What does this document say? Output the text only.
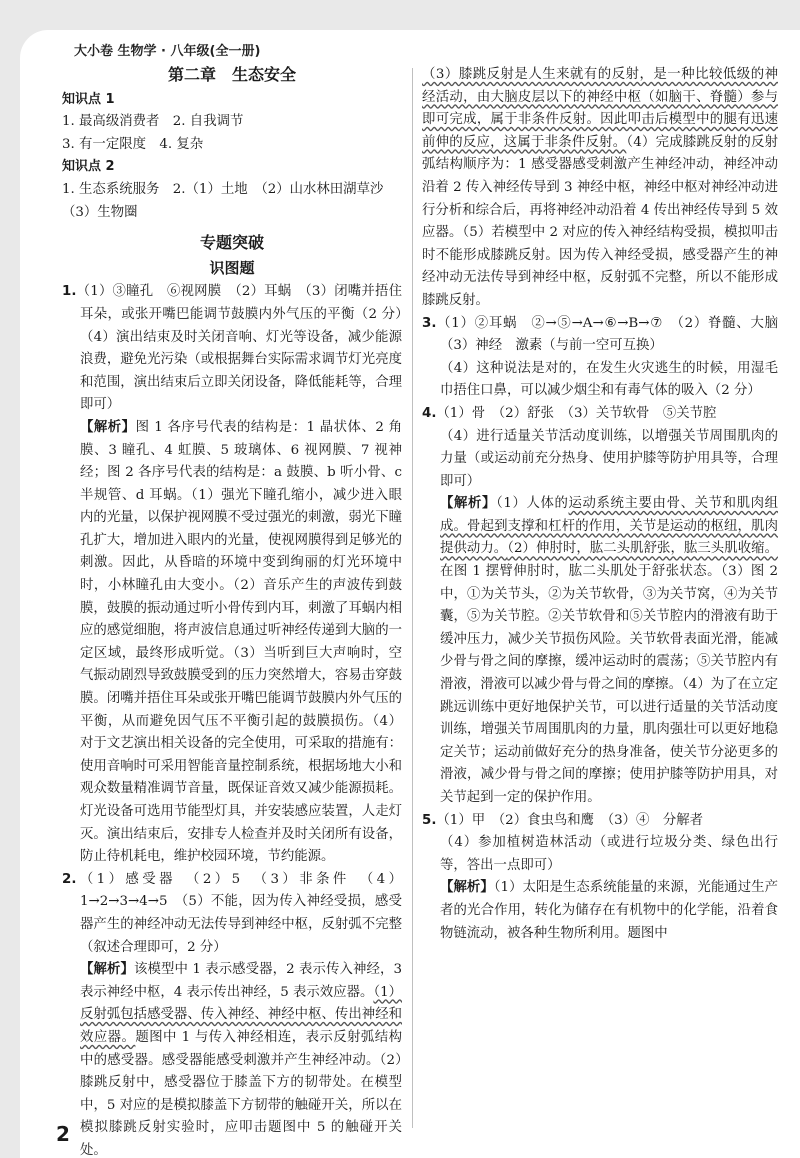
大小卷 生物学 · 八年级(全一册)
第二章　生态安全
知识点 1

1. 最高级消费者　2. 自我调节

3. 有一定限度　4. 复杂

知识点 2

1. 生态系统服务　2.（1）土地　（2）山水林田湖草沙

（3）生物圈

专题突破
识图题

1.（1）③瞳孔　⑥视网膜　（2）耳蜗　（3）闭嘴并捂住耳朵，或张开嘴巴能调节鼓膜内外气压的平衡（2 分）　（4）演出结束及时关闭音响、灯光等设备，减少能源浪费，避免光污染（或根据舞台实际需求调节灯光亮度和范围，演出结束后立即关闭设备，降低能耗等，合理即可）

【解析】图 1 各序号代表的结构是：1 晶状体、2 角膜、3 瞳孔、4 虹膜、5 玻璃体、6 视网膜、7 视神经；图 2 各序号代表的结构是：a 鼓膜、b 听小骨、c 半规管、d 耳蜗。（1）强光下瞳孔缩小，减少进入眼内的光量，以保护视网膜不受过强光的刺激，弱光下瞳孔扩大，增加进入眼内的光量，使视网膜得到足够光的刺激。因此，从昏暗的环境中变到绚丽的灯光环境中时，小林瞳孔由大变小。（2）音乐产生的声波传到鼓膜，鼓膜的振动通过听小骨传到内耳，刺激了耳蜗内相应的感觉细胞，将声波信息通过听神经传递到大脑的一定区域，最终形成听觉。（3）当听到巨大声响时，空气振动剧烈导致鼓膜受到的压力突然增大，容易击穿鼓膜。闭嘴并捂住耳朵或张开嘴巴能调节鼓膜内外气压的平衡，从而避免因气压不平衡引起的鼓膜损伤。（4）对于文艺演出相关设备的完全使用，可采取的措施有：使用音响时可采用智能音量控制系统，根据场地大小和观众数量精准调节音量，既保证音效又减少能源损耗。灯光设备可选用节能型灯具，并安装感应装置，人走灯灭。演出结束后，安排专人检查并及时关闭所有设备，防止待机耗电，维护校园环境，节约能源。

2.（1）感受器　（2）5　（3）非条件　（4）1→2→3→4→5　（5）不能，因为传入神经受损，感受器产生的神经冲动无法传导到神经中枢，反射弧不完整（叙述合理即可，2 分）

【解析】该模型中 1 表示感受器，2 表示传入神经，3 表示神经中枢，4 表示传出神经，5 表示效应器。（1）反射弧包括感受器、传入神经、神经中枢、传出神经和效应器。题图中 1 与传入神经相连，表示反射弧结构中的感受器。感受器能感受刺激并产生神经冲动。（2）膝跳反射中，感受器位于膝盖下方的韧带处。在模型中，5 对应的是模拟膝盖下方韧带的触碰开关，所以在模拟膝跳反射实验时，应叩击题图中 5 的触碰开关处。

（3）膝跳反射是人生来就有的反射，是一种比较低级的神经活动，由大脑皮层以下的神经中枢（如脑干、脊髓）参与即可完成，属于非条件反射。因此叩击后模型中的腿有迅速前伸的反应，这属于非条件反射。（4）完成膝跳反射的反射弧结构顺序为：1 感受器感受刺激产生神经冲动，神经冲动沿着 2 传入神经传导到 3 神经中枢，神经中枢对神经冲动进行分析和综合后，再将神经冲动沿着 4 传出神经传导到 5 效应器。（5）若模型中 2 对应的传入神经结构受损，模拟叩击时不能形成膝跳反射。因为传入神经受损，感受器产生的神经冲动无法传导到神经中枢，反射弧不完整，所以不能形成膝跳反射。

3.（1）②耳蜗　②→⑤→A→⑥→B→⑦　（2）脊髓、大脑　（3）神经　激素（与前一空可互换）

（4）这种说法是对的，在发生火灾逃生的时候，用湿毛巾捂住口鼻，可以减少烟尘和有毒气体的吸入（2 分）

4.（1）骨　（2）舒张　（3）关节软骨　⑤关节腔

（4）进行适量关节活动度训练，以增强关节周围肌肉的力量（或运动前充分热身、使用护膝等防护用具等，合理即可）

【解析】（1）人体的运动系统主要由骨、关节和肌肉组成。骨起到支撑和杠杆的作用，关节是运动的枢纽，肌肉提供动力。（2）伸肘时，肱二头肌舒张，肱三头肌收缩。在图 1 摆臂伸肘时，肱二头肌处于舒张状态。（3）图 2 中，①为关节头，②为关节软骨，③为关节窝，④为关节囊，⑤为关节腔。②关节软骨和⑤关节腔内的滑液有助于缓冲压力，减少关节损伤风险。关节软骨表面光滑，能减少骨与骨之间的摩擦，缓冲运动时的震荡；⑤关节腔内有滑液，滑液可以减少骨与骨之间的摩擦。（4）为了在立定跳远训练中更好地保护关节，可以进行适量的关节活动度训练，增强关节周围肌肉的力量，肌肉强壮可以更好地稳定关节；运动前做好充分的热身准备，使关节分泌更多的滑液，减少骨与骨之间的摩擦；使用护膝等防护用具，对关节起到一定的保护作用。

5.（1）甲　（2）食虫鸟和鹰　（3）④　分解者

（4）参加植树造林活动（或进行垃圾分类、绿色出行等，答出一点即可）

【解析】（1）太阳是生态系统能量的来源，光能通过生产者的光合作用，转化为储存在有机物中的化学能，沿着食物链流动，被各种生物所利用。题图中

2
